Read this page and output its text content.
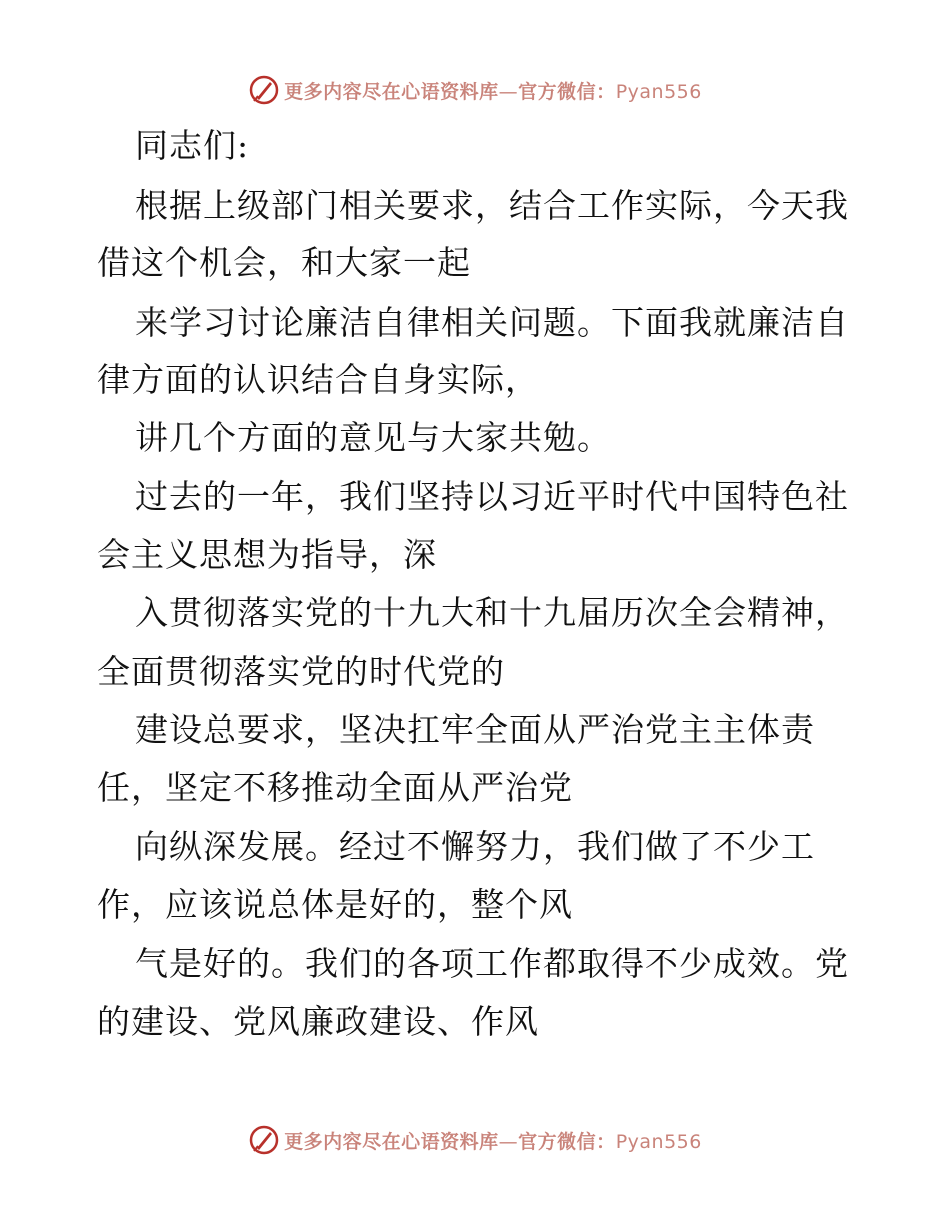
更多内容尽在心语资料库—官方微信：Pyan556
同志们:
根据上级部门相关要求，结合工作实际，今天我
借这个机会，和大家一起
来学习讨论廉洁自律相关问题。下面我就廉洁自
律方面的认识结合自身实际，
讲几个方面的意见与大家共勉。
过去的一年，我们坚持以习近平时代中国特色社
会主义思想为指导，深
入贯彻落实党的十九大和十九届历次全会精神，
全面贯彻落实党的时代党的
建设总要求，坚决扛牢全面从严治党主主体责
任，坚定不移推动全面从严治党
向纵深发展。经过不懈努力，我们做了不少工
作，应该说总体是好的，整个风
气是好的。我们的各项工作都取得不少成效。党
的建设、党风廉政建设、作风
更多内容尽在心语资料库—官方微信：Pyan556
